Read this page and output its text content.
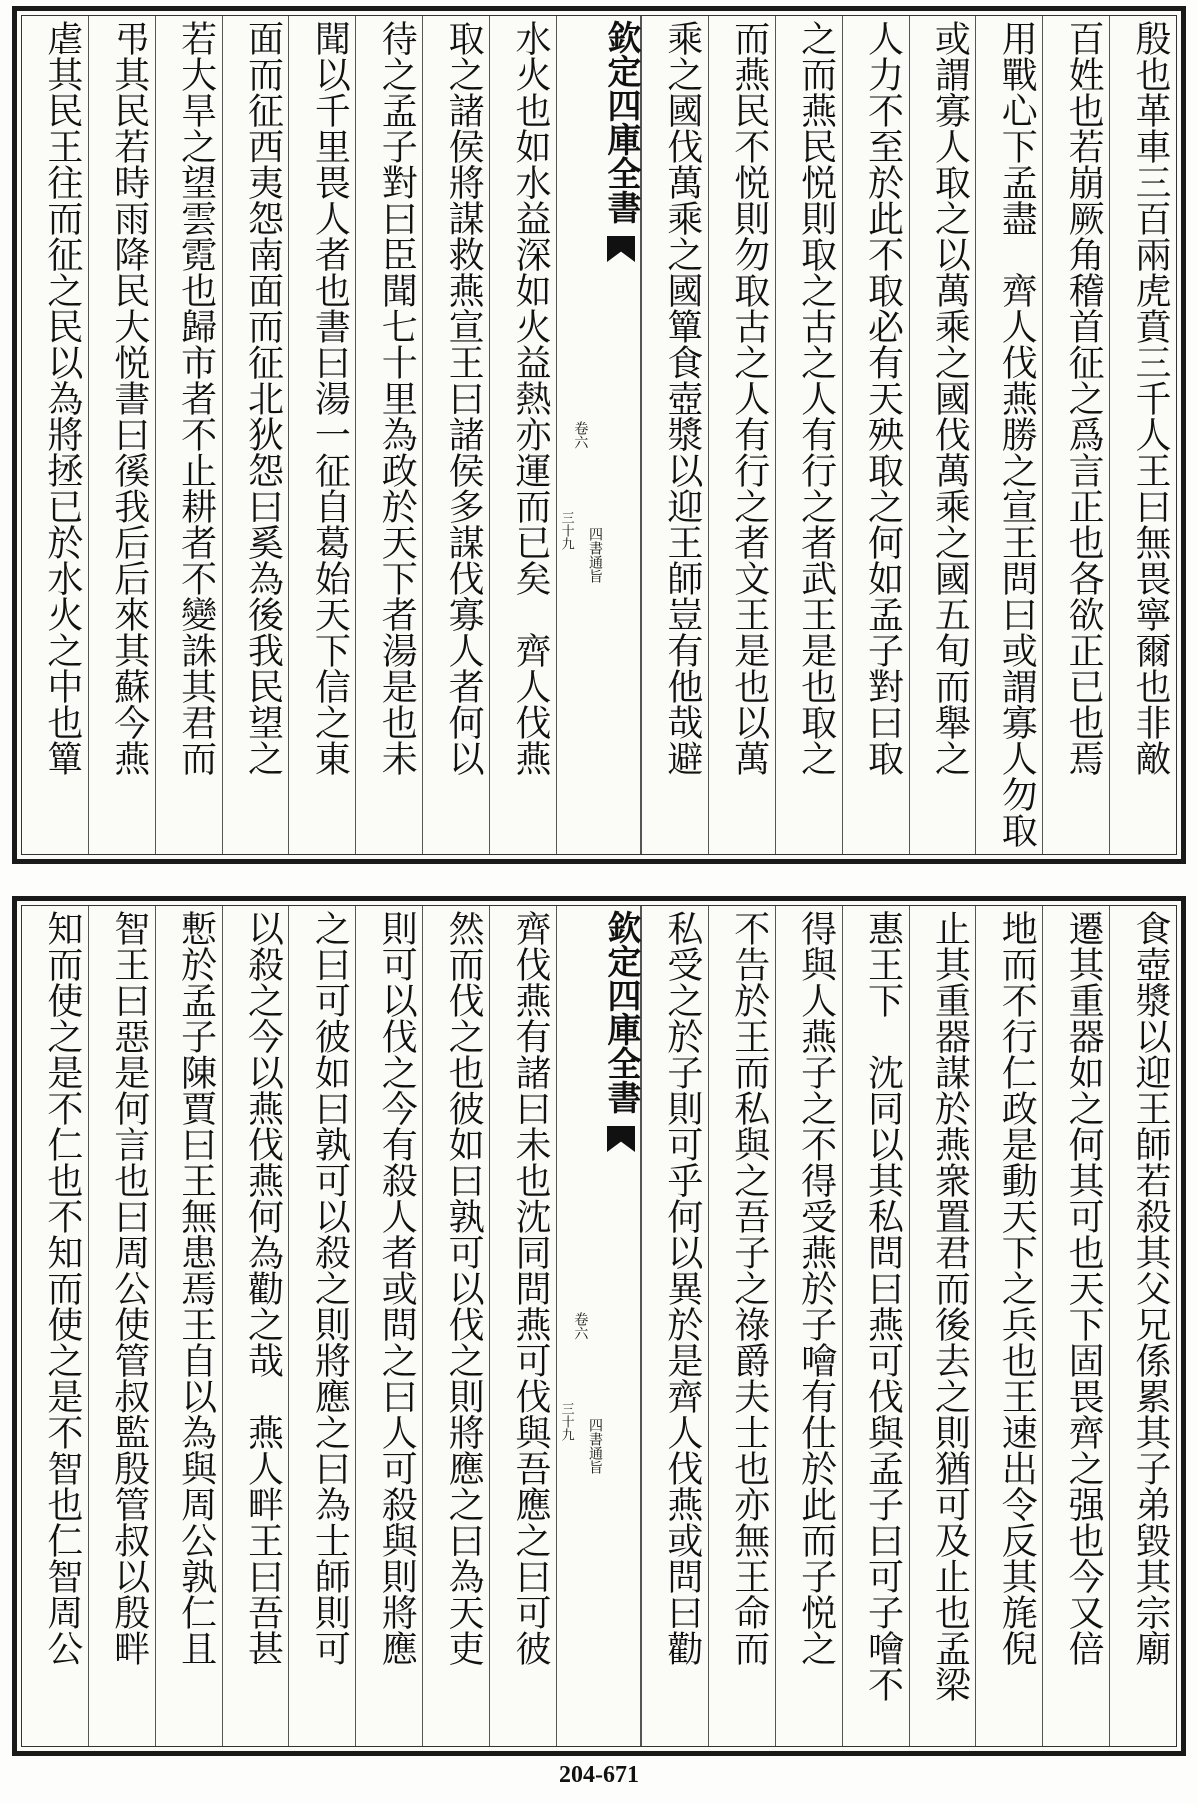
殷也革車三百兩虎賁三千人王曰無畏寧爾也非敵
百姓也若崩厥角稽首征之爲言正也各欲正已也焉
用戰心下孟盡　齊人伐燕勝之宣王問曰或謂寡人勿取
或謂寡人取之以萬乘之國伐萬乘之國五旬而舉之
人力不至於此不取必有天殃取之何如孟子對曰取
之而燕民悦則取之古之人有行之者武王是也取之
而燕民不悦則勿取古之人有行之者文王是也以萬
乘之國伐萬乘之國簞食壺漿以迎王師豈有他哉避
欽定四庫全書
四書通旨
卷六
三十九
水火也如水益深如火益熱亦運而已矣　齊人伐燕
取之諸侯將謀救燕宣王曰諸侯多謀伐寡人者何以
待之孟子對曰臣聞七十里為政於天下者湯是也未
聞以千里畏人者也書曰湯一征自葛始天下信之東
面而征西夷怨南面而征北狄怨曰奚為後我民望之
若大旱之望雲霓也歸市者不止耕者不變誅其君而
弔其民若時雨降民大悦書曰徯我后后來其蘇今燕
虐其民王往而征之民以為將拯已於水火之中也簞
食壺漿以迎王師若殺其父兄係累其子弟毀其宗廟
遷其重器如之何其可也天下固畏齊之强也今又倍
地而不行仁政是動天下之兵也王速出令反其旄倪
止其重器謀於燕衆置君而後去之則猶可及止也孟梁
惠王下　沈同以其私問曰燕可伐與孟子曰可子噲不
得與人燕子之不得受燕於子噲有仕於此而子悦之
不告於王而私與之吾子之祿爵夫士也亦無王命而
私受之於子則可乎何以異於是齊人伐燕或問曰勸
欽定四庫全書
四書通旨
卷六
三十九
齊伐燕有諸曰未也沈同問燕可伐與吾應之曰可彼
然而伐之也彼如曰孰可以伐之則將應之曰為天吏
則可以伐之今有殺人者或問之曰人可殺與則將應
之曰可彼如曰孰可以殺之則將應之曰為士師則可
以殺之今以燕伐燕何為勸之哉　燕人畔王曰吾甚
慙於孟子陳賈曰王無患焉王自以為與周公孰仁且
智王曰惡是何言也曰周公使管叔監殷管叔以殷畔
知而使之是不仁也不知而使之是不智也仁智周公
204-671
